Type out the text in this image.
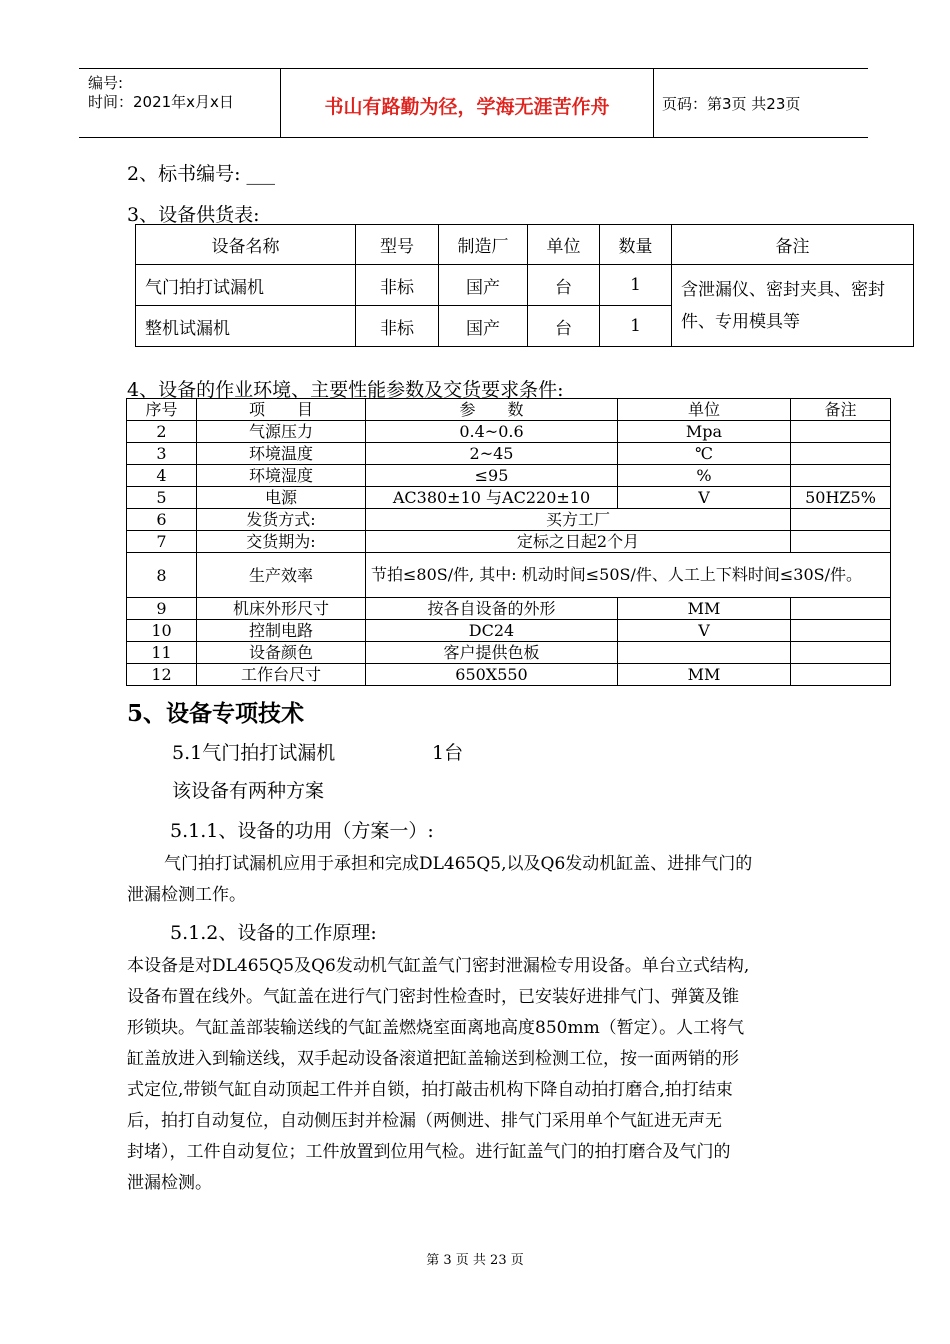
编号:
时间：2021年x月x日	书山有路勤为径，学海无涯苦作舟	页码：第3页 共23页
2、标书编号: ___
3、设备供货表:
设备名称	型号	制造厂	单位	数量	备注
气门拍打试漏机	非标	国产	台	1	含泄漏仪、密封夹具、密封件、专用模具等
整机试漏机	非标	国产	台	1	
4、设备的作业环境、主要性能参数及交货要求条件:
序号	项　　目	参　　数	单位	备注
2	气源压力	0.4~0.6	Mpa	
3	环境温度	2~45	℃	
4	环境湿度	≤95	%	
5	电源	AC380±10 与AC220±10	V	50HZ5%
6	发货方式:	买方工厂		
7	交货期为:	定标之日起2个月		
8	生产效率	节拍≤80S/件, 其中: 机动时间≤50S/件、人工上下料时间≤30S/件。		
9	机床外形尺寸	按各自设备的外形	MM	
10	控制电路	DC24	V	
11	设备颜色	客户提供色板		
12	工作台尺寸	650X550	MM	
5、设备专项技术
5.1气门拍打试漏机	1台
该设备有两种方案
5.1.1、设备的功用（方案一）:
气门拍打试漏机应用于承担和完成DL465Q5,以及Q6发动机缸盖、进排气门的
泄漏检测工作。
5.1.2、设备的工作原理:
本设备是对DL465Q5及Q6发动机气缸盖气门密封泄漏检专用设备。单台立式结构,
设备布置在线外。气缸盖在进行气门密封性检查时，已安装好进排气门、弹簧及锥
形锁块。气缸盖部装输送线的气缸盖燃烧室面离地高度850mm（暂定）。人工将气
缸盖放进入到输送线，双手起动设备滚道把缸盖输送到检测工位，按一面两销的形
式定位,带锁气缸自动顶起工件并自锁，拍打敲击机构下降自动拍打磨合,拍打结束
后，拍打自动复位，自动侧压封并检漏（两侧进、排气门采用单个气缸进无声无
封堵），工件自动复位；工件放置到位用气检。进行缸盖气门的拍打磨合及气门的
泄漏检测。
第 3 页 共 23 页
